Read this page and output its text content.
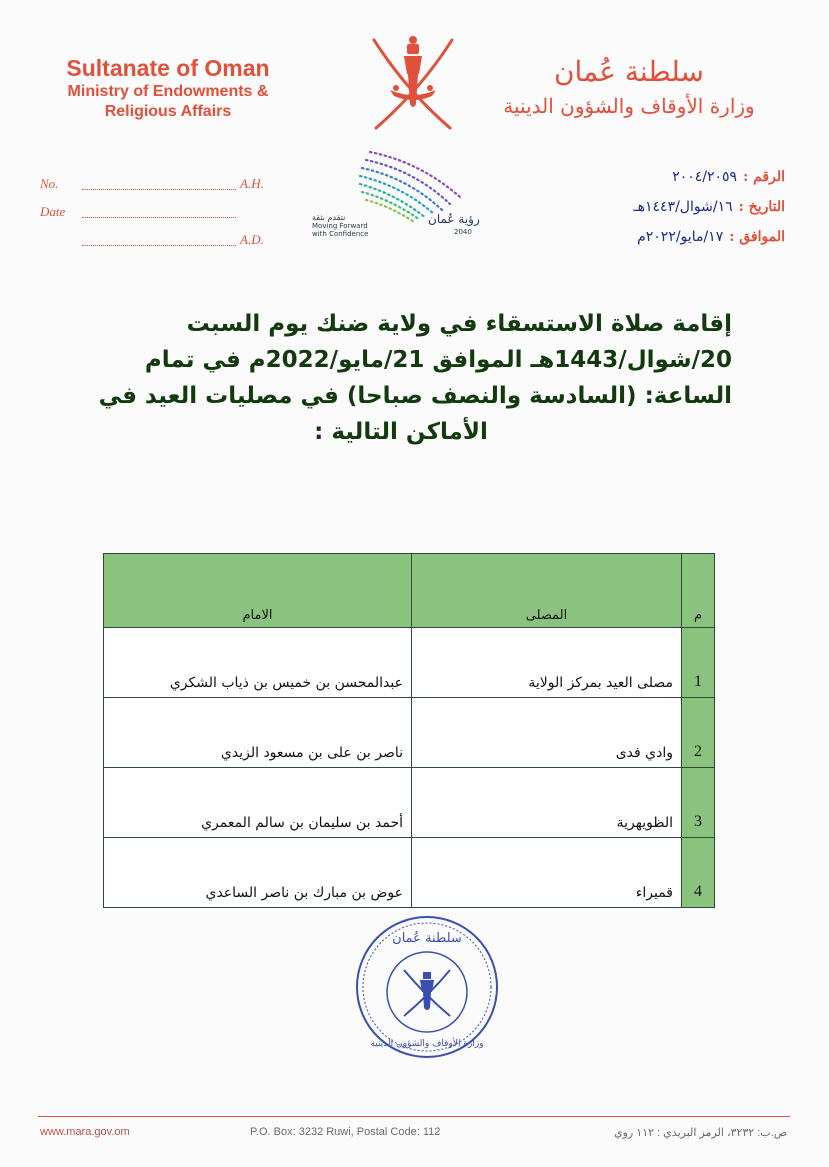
Sultanate of Oman
Ministry of Endowments &
Religious Affairs
سلطنة عُمان
وزارة الأوقاف والشؤون الدينية
No.	A.H.
Date
A.D.
رؤية عُمان
2040
نتقدم بثقة
Moving Forward
with Confidence
الرقم :
٢٠٠٤/٢٠٥٩
التاريخ :
١٦/شوال/١٤٤٣هـ
الموافق :
١٧/مايو/٢٠٢٢م
إقامة صلاة الاستسقاء في ولاية ضنك يوم السبت
20/شوال/1443هـ الموافق 21/مايو/2022م في تمام
الساعة: (السادسة والنصف صباحا) في مصليات العيد في
الأماكن التالية :
م	المصلى	الامام
1	مصلى العيد بمركز الولاية	عبدالمحسن بن خميس بن ذياب الشكري
2	وادي فدى	ناصر بن على بن مسعود الزيدي
3	الظويهرية	أحمد بن سليمان بن سالم المعمري
4	قميراء	عوض بن مبارك بن ناصر الساعدي
سلطنة عُمان
وزارة الأوقاف والشؤون الدينية
www.mara.gov.om	P.O. Box: 3232 Ruwi, Postal Code: 112	ص.ب: ٣٢٣٢، الرمز البريدي : ١١٢ روي
